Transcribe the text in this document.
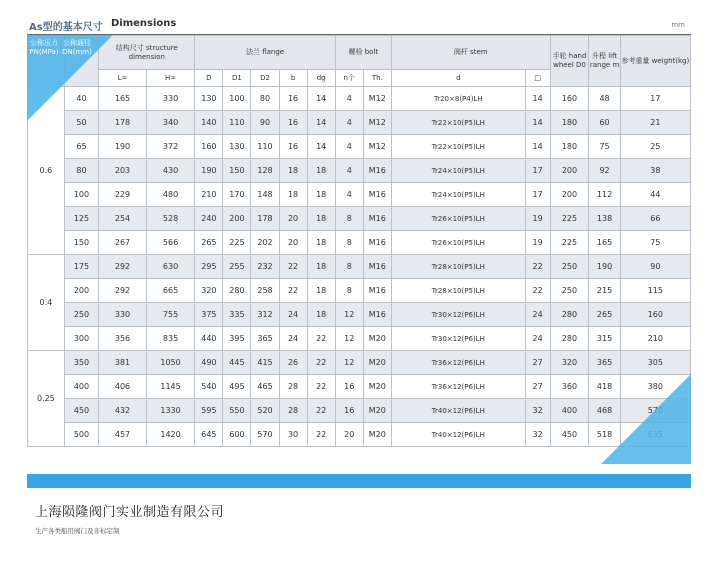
As型的基本尺寸 Dimensions	mm
		结构尺寸 structure dimension		法兰 flange					螺栓 bolt		阀杆 stem		手轮 hand wheel D0	升程 lift range m	参考重量 weight(kg)
		L=	H=	D	D1	D2	b	dg	n个	Th.	d	□			
0.6	40	165	330	130	100	80	16	14	4	M12	Tr20×8(P4)LH	14	160	48	17
	50	178	340	140	110	90	16	14	4	M12	Tr22×10(P5)LH	14	180	60	21
	65	190	372	160	130	110	16	14	4	M12	Tr22×10(P5)LH	14	180	75	25
	80	203	430	190	150	128	18	18	4	M16	Tr24×10(P5)LH	17	200	92	38
	100	229	480	210	170	148	18	18	4	M16	Tr24×10(P5)LH	17	200	112	44
	125	254	528	240	200	178	20	18	8	M16	Tr26×10(P5)LH	19	225	138	66
	150	267	566	265	225	202	20	18	8	M16	Tr26×10(P5)LH	19	225	165	75
0.4	175	292	630	295	255	232	22	18	8	M16	Tr28×10(P5)LH	22	250	190	90
	200	292	665	320	280	258	22	18	8	M16	Tr28×10(P5)LH	22	250	215	115
	250	330	755	375	335	312	24	18	12	M16	Tr30×12(P6)LH	24	280	265	160
	300	356	835	440	395	365	24	22	12	M20	Tr30×12(P6)LH	24	280	315	210
0.25	350	381	1050	490	445	415	26	22	12	M20	Tr36×12(P6)LH	27	320	365	305
	400	406	1145	540	495	465	28	22	16	M20	Tr36×12(P6)LH	27	360	418	380
	450	432	1330	595	550	520	28	22	16	M20	Tr40×12(P6)LH	32	400	468	570
	500	457	1420	645	600	570	30	22	20	M20	Tr40×12(P6)LH	32	450	518	635
公称压力PN(MPa)
公称通径DN(mm)
上海陨隆阀门实业制造有限公司
生产各类船用阀门及非标定制
